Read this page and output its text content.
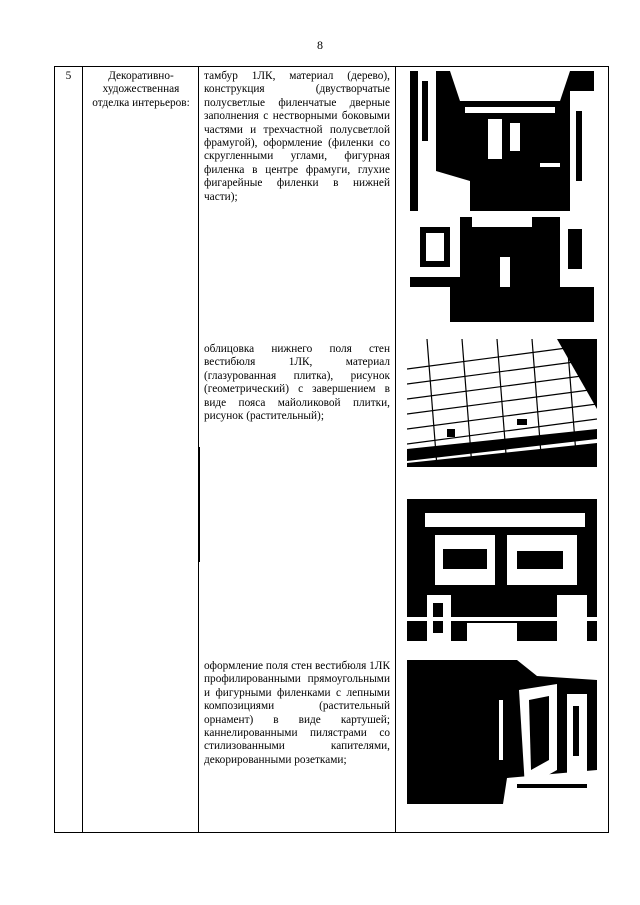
8
5	Декоративно-художественная отделка интерьеров:
тамбур 1ЛК, материал (дерево), конструкция (двустворчатые полусветлые филенчатые дверные заполнения с нестворными боковыми частями и трехчастной полусветлой фрамугой), оформление (филенки со скругленными углами, фигурная филенка в центре фрамуги, глухие фигарейные филенки в нижней части);
облицовка нижнего поля стен вестибюля 1ЛК, материал (глазурованная плитка), рисунок (геометрический) с завершением в виде пояса майоликовой плитки, рисунок (растительный);
оформление поля стен вестибюля 1ЛК профилированными прямоугольными и фигурными филенками с лепными композициями (растительный орнамент) в виде картушей; каннелированными пилястрами со стилизованными капителями, декорированными розетками;
